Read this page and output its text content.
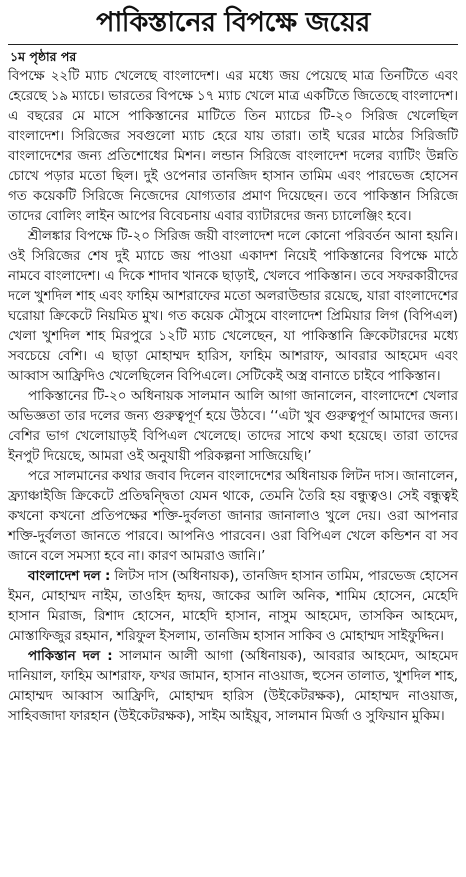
পাকিস্তানের বিপক্ষে জয়ের
১ম পৃষ্ঠার পর

বিপক্ষে ২২টি ম্যাচ খেলেছে বাংলাদেশ। এর মধ্যে জয় পেয়েছে মাত্র তিনটিতে এবং হেরেছে ১৯ ম্যাচে। ভারতের বিপক্ষে ১৭ ম্যাচ খেলে মাত্র একটিতে জিতেছে বাংলাদেশ। এ বছরের মে মাসে পাকিস্তানের মাটিতে তিন ম্যাচের টি-২০ সিরিজ খেলেছিল বাংলাদেশ। সিরিজের সবগুলো ম্যাচ হেরে যায় তারা। তাই ঘরের মাঠের সিরিজটি বাংলাদেশের জন্য প্রতিশোধের মিশন। লন্ডান সিরিজে বাংলাদেশ দলের ব্যাটিং উন্নতি চোখে পড়ার মতো ছিল। দুই ওপেনার তানজিদ হাসান তামিম এবং পারভেজ হোসেন গত কয়েকটি সিরিজে নিজেদের যোগ্যতার প্রমাণ দিয়েছেন। তবে পাকিস্তান সিরিজে তাদের বোলিং লাইন আপের বিবেচনায় এবার ব্যাটারদের জন্য চ্যালেঞ্জিং হবে।

শ্রীলঙ্কার বিপক্ষে টি-২০ সিরিজ জয়ী বাংলাদেশ দলে কোনো পরিবর্তন আনা হয়নি। ওই সিরিজের শেষ দুই ম্যাচে জয় পাওয়া একাদশ নিয়েই পাকিস্তানের বিপক্ষে মাঠে নামবে বাংলাদেশ। এ দিকে শাদাব খানকে ছাড়াই, খেলবে পাকিস্তান। তবে সফরকারীদের দলে খুশদিল শাহ এবং ফাহিম আশরাফের মতো অলরাউন্ডার রয়েছে, যারা বাংলাদেশের ঘরোয়া ক্রিকেটে নিয়মিত মুখ। গত কয়েক মৌসুমে বাংলাদেশ প্রিমিয়ার লিগ (বিপিএল) খেলা খুশদিল শাহ মিরপুরে ১২টি ম্যাচ খেলেছেন, যা পাকিস্তানি ক্রিকেটারদের মধ্যে সবচেয়ে বেশি। এ ছাড়া মোহাম্মদ হারিস, ফাহিম আশরাফ, আবরার আহমেদ এবং আব্বাস আফ্রিদিও খেলেছিলেন বিপিএলে। সেটিকেই অস্ত্র বানাতে চাইবে পাকিস্তান।

পাকিস্তানের টি-২০ অধিনায়ক সালমান আলি আগা জানালেন, বাংলাদেশে খেলার অভিজ্ঞতা তার দলের জন্য গুরুত্বপূর্ণ হয়ে উঠবে। ‘‘এটা খুব গুরুত্বপূর্ণ আমাদের জন্য। বেশির ভাগ খেলোয়াড়ই বিপিএল খেলেছে। তাদের সাথে কথা হয়েছে। তারা তাদের ইনপুট দিয়েছে, আমরা ওই অনুযায়ী পরিকল্পনা সাজিয়েছি।’

পরে সালমানের কথার জবাব দিলেন বাংলাদেশের অধিনায়ক লিটন দাস। জানালেন, ফ্র্যাঞ্চাইজি ক্রিকেটে প্রতিদ্বন্দ্বিতা যেমন থাকে, তেমনি তৈরি হয় বন্ধুত্বও। সেই বন্ধুত্বই কখনো কখনো প্রতিপক্ষের শক্তি-দুর্বলতা জানার জানালাও খুলে দেয়। ওরা আপনার শক্তি-দুর্বলতা জানতে পারবে। আপনিও পারবেন। ওরা বিপিএল খেলে কন্ডিশন বা সব জানে বলে সমস্যা হবে না। কারণ আমরাও জানি।’

বাংলাদেশ দল : লিটস দাস (অধিনায়ক), তানজিদ হাসান তামিম, পারভেজ হোসেন ইমন, মোহাম্মদ নাইম, তাওহিদ হৃদয়, জাকের আলি অনিক, শামিম হোসেন, মেহেদি হাসান মিরাজ, রিশাদ হোসেন, মাহেদি হাসান, নাসুম আহমেদ, তাসকিন আহমেদ, মোস্তাফিজুর রহমান, শরিফুল ইসলাম, তানজিম হাসান সাকিব ও মোহাম্মদ সাইফুদ্দিন।

পাকিস্তান দল : সালমান আলী আগা (অধিনায়ক), আবরার আহমেদ, আহমেদ দানিয়াল, ফাহিম আশরাফ, ফখর জামান, হাসান নাওয়াজ, হুসেন তালাত, খুশদিল শাহ, মোহাম্মদ আব্বাস আফ্রিদি, মোহাম্মদ হারিস (উইকেটরক্ষক), মোহাম্মদ নাওয়াজ, সাহিবজাদা ফারহান (উইকেটরক্ষক), সাইম আইয়ুব, সালমান মির্জা ও সুফিয়ান মুকিম।
